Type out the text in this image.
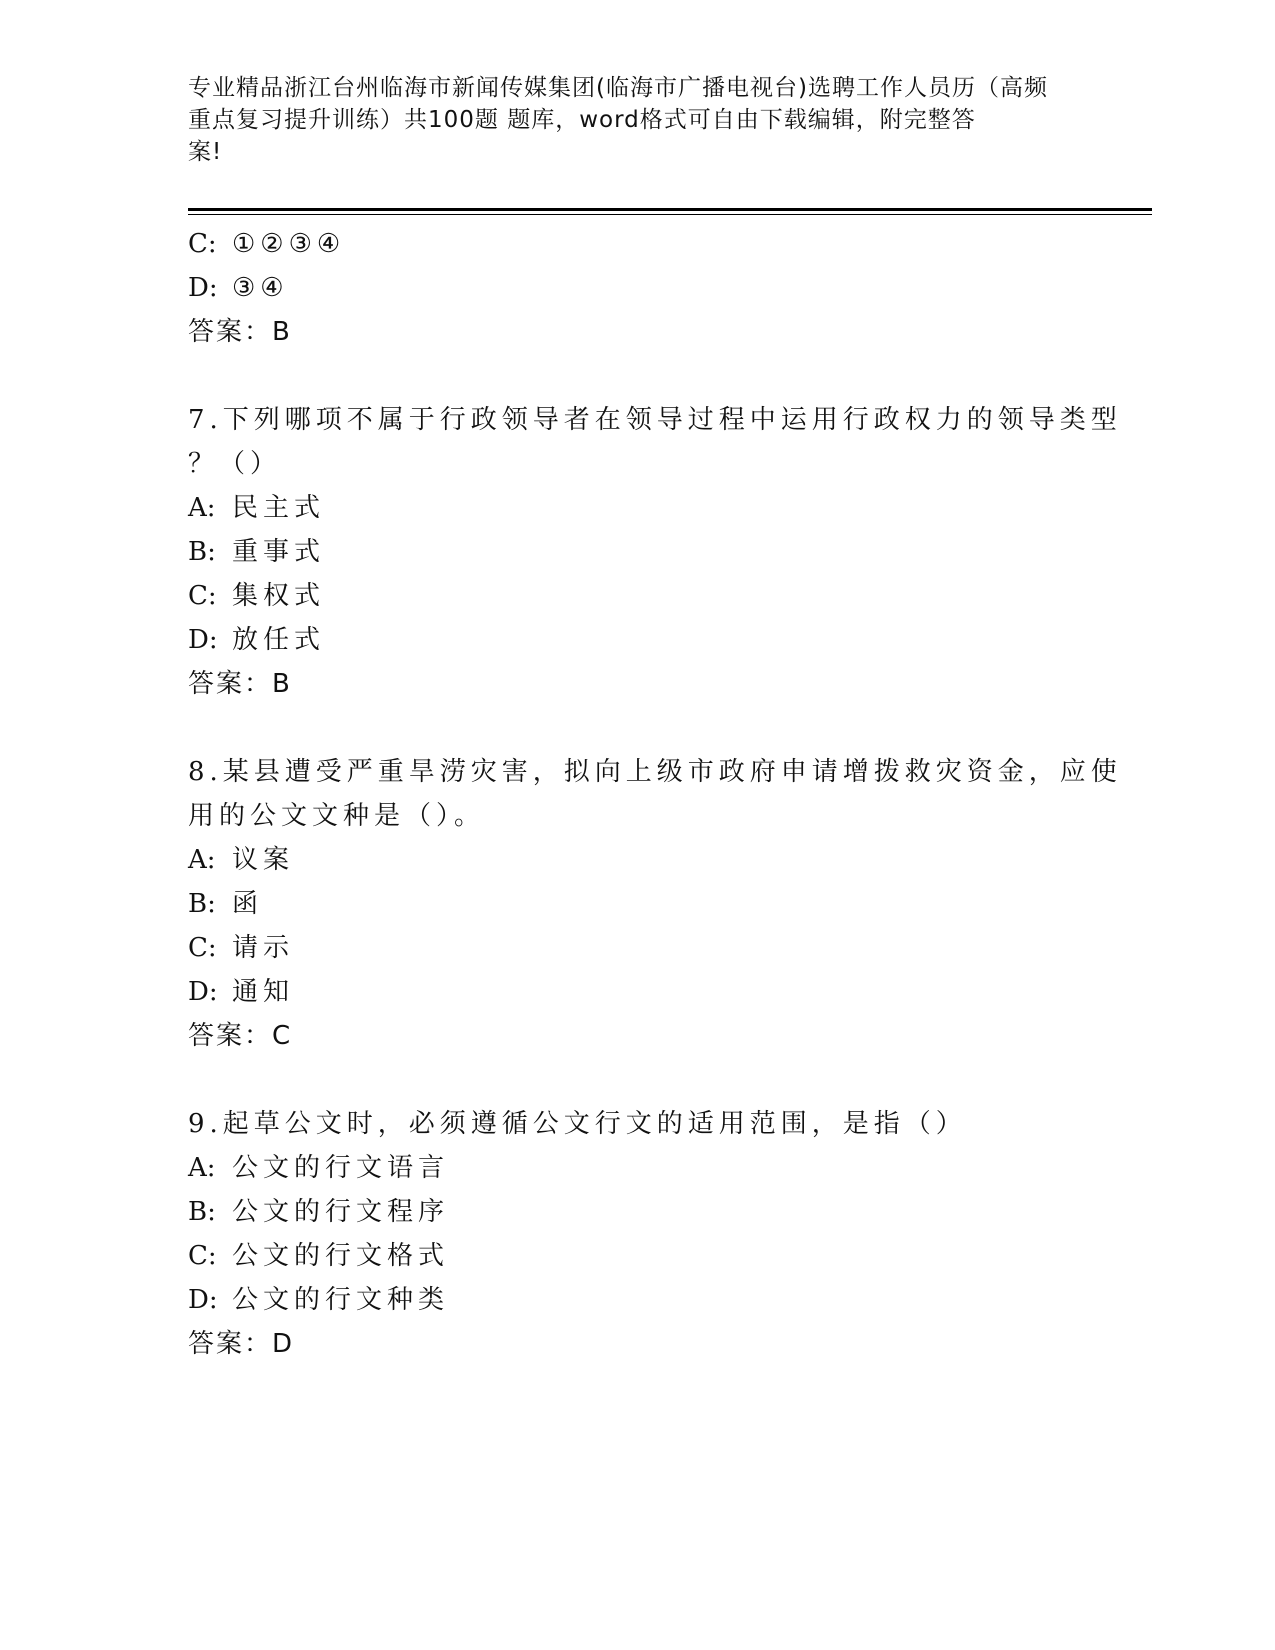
专业精品浙江台州临海市新闻传媒集团(临海市广播电视台)选聘工作人员历（高频
重点复习提升训练）共100题 题库，word格式可自由下载编辑，附完整答
案!
C: ①②③④
D: ③④
答案：B
7.下列哪项不属于行政领导者在领导过程中运用行政权力的领导类型
？（）
A: 民主式
B: 重事式
C: 集权式
D: 放任式
答案：B
8.某县遭受严重旱涝灾害，拟向上级市政府申请增拨救灾资金，应使
用的公文文种是（）。
A: 议案
B: 函
C: 请示
D: 通知
答案：C
9.起草公文时，必须遵循公文行文的适用范围，是指（）
A: 公文的行文语言
B: 公文的行文程序
C: 公文的行文格式
D: 公文的行文种类
答案：D
